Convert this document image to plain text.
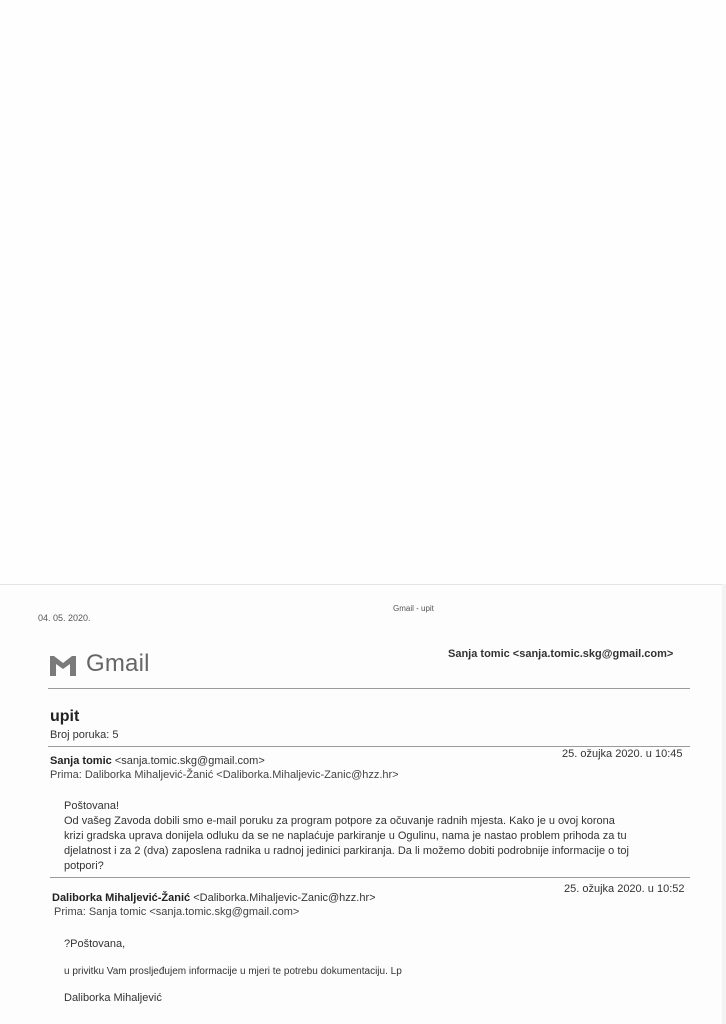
04. 05. 2020.
Gmail - upit
Gmail	Sanja tomic <sanja.tomic.skg@gmail.com>
upit
Broj poruka: 5
Sanja tomic <sanja.tomic.skg@gmail.com>
25. ožujka 2020. u 10:45
Prima: Daliborka Mihaljević-Žanić <Daliborka.Mihaljevic-Zanic@hzz.hr>

Poštovana!

Od vašeg Zavoda dobili smo e-mail poruku za program potpore za očuvanje radnih mjesta. Kako je u ovoj korona

krizi gradska uprava donijela odluku da se ne naplaćuje parkiranje u Ogulinu, nama je nastao problem prihoda za tu

djelatnost i za 2 (dva) zaposlena radnika u radnoj jedinici parkiranja. Da li možemo dobiti podrobnije informacije o toj

potpori?

Daliborka Mihaljević-Žanić <Daliborka.Mihaljevic-Zanic@hzz.hr>
25. ožujka 2020. u 10:52
Prima: Sanja tomic <sanja.tomic.skg@gmail.com>
?Poštovana,
u privitku Vam prosljeđujem informacije u mjeri te potrebu dokumentaciju. Lp
Daliborka Mihaljević
